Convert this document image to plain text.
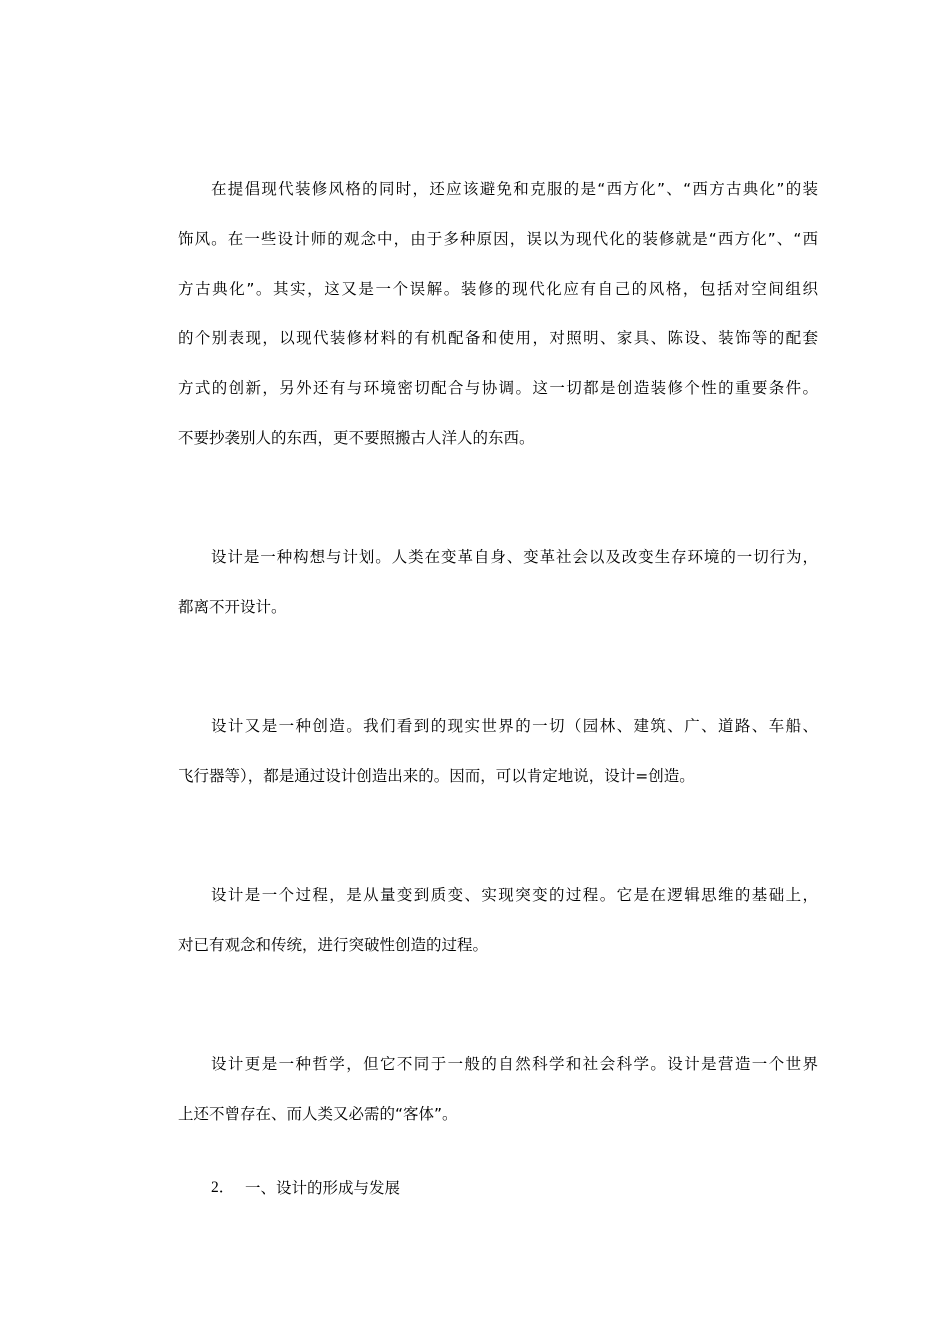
在提倡现代装修风格的同时，还应该避免和克服的是“西方化”、“西方古典化”的装
饰风。在一些设计师的观念中，由于多种原因，误以为现代化的装修就是“西方化”、“西
方古典化”。其实，这又是一个误解。装修的现代化应有自己的风格，包括对空间组织
的个别表现，以现代装修材料的有机配备和使用，对照明、家具、陈设、装饰等的配套
方式的创新，另外还有与环境密切配合与协调。这一切都是创造装修个性的重要条件。
不要抄袭别人的东西，更不要照搬古人洋人的东西。
设计是一种构想与计划。人类在变革自身、变革社会以及改变生存环境的一切行为，
都离不开设计。
设计又是一种创造。我们看到的现实世界的一切（园林、建筑、广、道路、车船、
飞行器等），都是通过设计创造出来的。因而，可以肯定地说，设计=创造。
设计是一个过程，是从量变到质变、实现突变的过程。它是在逻辑思维的基础上，
对已有观念和传统，进行突破性创造的过程。
设计更是一种哲学，但它不同于一般的自然科学和社会科学。设计是营造一个世界
上还不曾存在、而人类又必需的“客体”。
2． 一、设计的形成与发展
